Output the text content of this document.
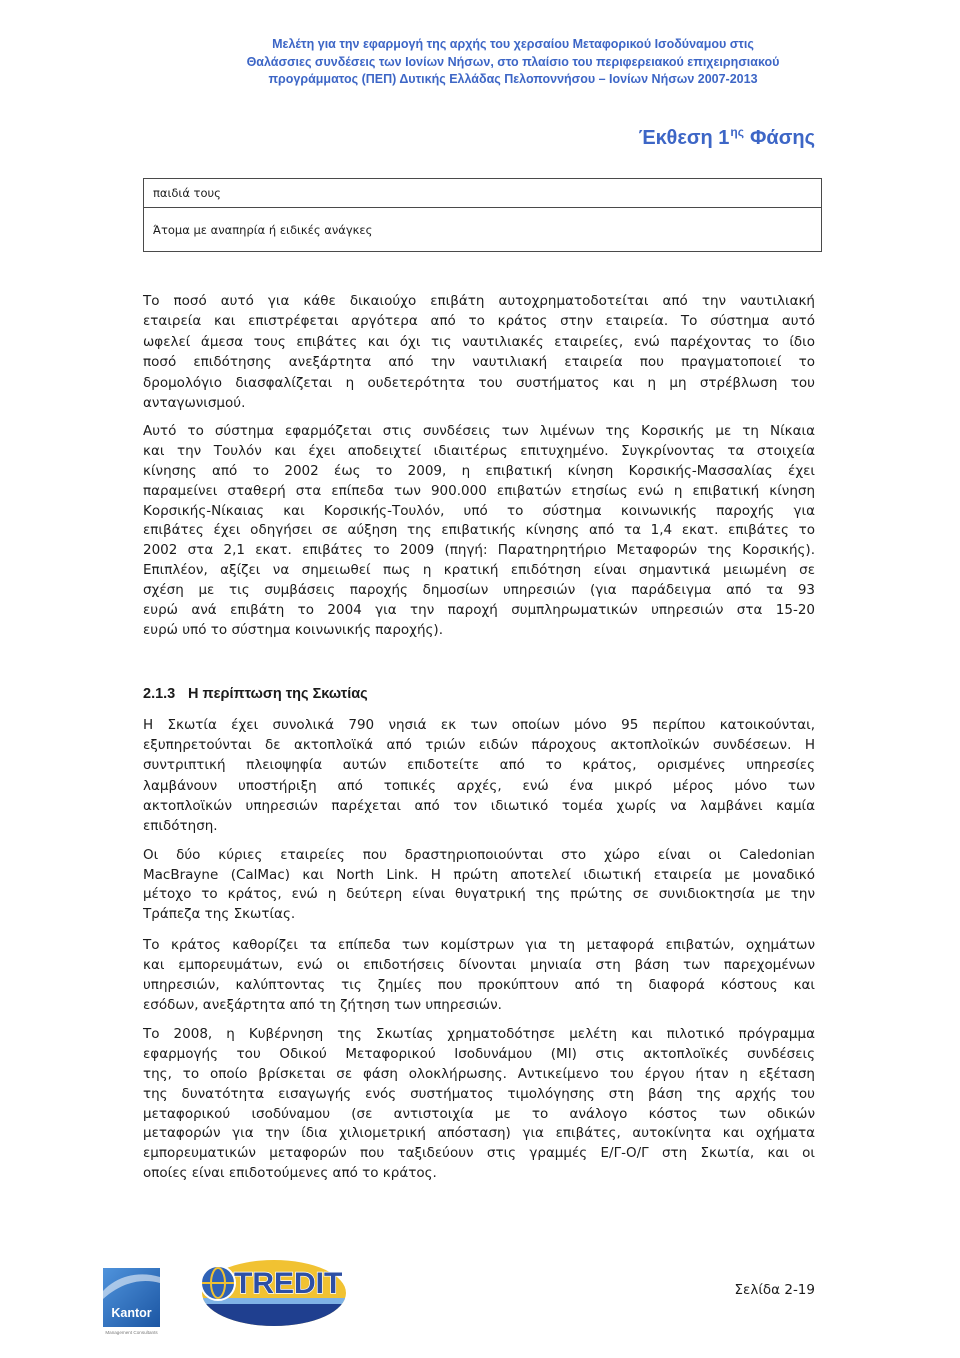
Μελέτη για την εφαρμογή της αρχής του χερσαίου Μεταφορικού Ισοδύναμου στις
Θαλάσσιες συνδέσεις των Ιονίων Νήσων, στο πλαίσιο του περιφερειακού επιχειρησιακού
προγράμματος (ΠΕΠ) Δυτικής Ελλάδας Πελοποννήσου – Ιονίων Νήσων 2007-2013
Έκθεση $1^{\eta\varsigma}$ Φάσης
παιδιά τους
Άτομα με αναπηρία ή ειδικές ανάγκες
Το ποσό αυτό για κάθε δικαιούχο επιβάτη αυτοχρηματοδοτείται από την ναυτιλιακή
εταιρεία και επιστρέφεται αργότερα από το κράτος στην εταιρεία. Το σύστημα αυτό
ωφελεί άμεσα τους επιβάτες και όχι τις ναυτιλιακές εταιρείες, ενώ παρέχοντας το ίδιο
ποσό επιδότησης ανεξάρτητα από την ναυτιλιακή εταιρεία που πραγματοποιεί το
δρομολόγιο διασφαλίζεται η ουδετερότητα του συστήματος και η μη στρέβλωση του
ανταγωνισμού.
Αυτό το σύστημα εφαρμόζεται στις συνδέσεις των λιμένων της Κορσικής με τη Νίκαια
και την Τουλόν και έχει αποδειχτεί ιδιαιτέρως επιτυχημένο. Συγκρίνοντας τα στοιχεία
κίνησης από το 2002 έως το 2009, η επιβατική κίνηση Κορσικής-Μασσαλίας έχει
παραμείνει σταθερή στα επίπεδα των 900.000 επιβατών ετησίως ενώ η επιβατική κίνηση
Κορσικής-Νίκαιας και Κορσικής-Τουλόν, υπό το σύστημα κοινωνικής παροχής για
επιβάτες έχει οδηγήσει σε αύξηση της επιβατικής κίνησης από τα 1,4 εκατ. επιβάτες το
2002 στα 2,1 εκατ. επιβάτες το 2009 (πηγή: Παρατηρητήριο Μεταφορών της Κορσικής).
Επιπλέον, αξίζει να σημειωθεί πως η κρατική επιδότηση είναι σημαντικά μειωμένη σε
σχέση με τις συμβάσεις παροχής δημοσίων υπηρεσιών (για παράδειγμα από τα 93
ευρώ ανά επιβάτη το 2004 για την παροχή συμπληρωματικών υπηρεσιών στα 15-20
ευρώ υπό το σύστημα κοινωνικής παροχής).
2.1.3 Η περίπτωση της Σκωτίας
Η Σκωτία έχει συνολικά 790 νησιά εκ των οποίων μόνο 95 περίπου κατοικούνται,
εξυπηρετούνται δε ακτοπλοϊκά από τριών ειδών πάροχους ακτοπλοϊκών συνδέσεων. Η
συντριπτική πλειοψηφία αυτών επιδοτείτε από το κράτος, ορισμένες υπηρεσίες
λαμβάνουν υποστήριξη από τοπικές αρχές, ενώ ένα μικρό μέρος μόνο των
ακτοπλοϊκών υπηρεσιών παρέχεται από τον ιδιωτικό τομέα χωρίς να λαμβάνει καμία
επιδότηση.
Οι δύο κύριες εταιρείες που δραστηριοποιούνται στο χώρο είναι οι Caledonian
MacBrayne (CalMac) και North Link. Η πρώτη αποτελεί ιδιωτική εταιρεία με μοναδικό
μέτοχο το κράτος, ενώ η δεύτερη είναι θυγατρική της πρώτης σε συνιδιοκτησία με την
Τράπεζα της Σκωτίας.
Το κράτος καθορίζει τα επίπεδα των κομίστρων για τη μεταφορά επιβατών, οχημάτων
και εμπορευμάτων, ενώ οι επιδοτήσεις δίνονται μηνιαία στη βάση των παρεχομένων
υπηρεσιών, καλύπτοντας τις ζημίες που προκύπτουν από τη διαφορά κόστους και
εσόδων, ανεξάρτητα από τη ζήτηση των υπηρεσιών.
Το 2008, η Κυβέρνηση της Σκωτίας χρηματοδότησε μελέτη και πιλοτικό πρόγραμμα
εφαρμογής του Οδικού Μεταφορικού Ισοδυνάμου (ΜΙ) στις ακτοπλοϊκές συνδέσεις
της, το οποίο βρίσκεται σε φάση ολοκλήρωσης. Αντικείμενο του έργου ήταν η εξέταση
της δυνατότητα εισαγωγής ενός συστήματος τιμολόγησης στη βάση της αρχής του
μεταφορικού ισοδύναμου (σε αντιστοιχία με το ανάλογο κόστος των οδικών
μεταφορών για την ίδια χιλιομετρική απόσταση) για επιβάτες, αυτοκίνητα και οχήματα
εμπορευματικών μεταφορών που ταξιδεύουν στις γραμμές Ε/Γ-Ο/Γ στη Σκωτία, και οι
οποίες είναι επιδοτούμενες από το κράτος.
Kantor
Management Consultants
TREDIT	Σελίδα 2-19
